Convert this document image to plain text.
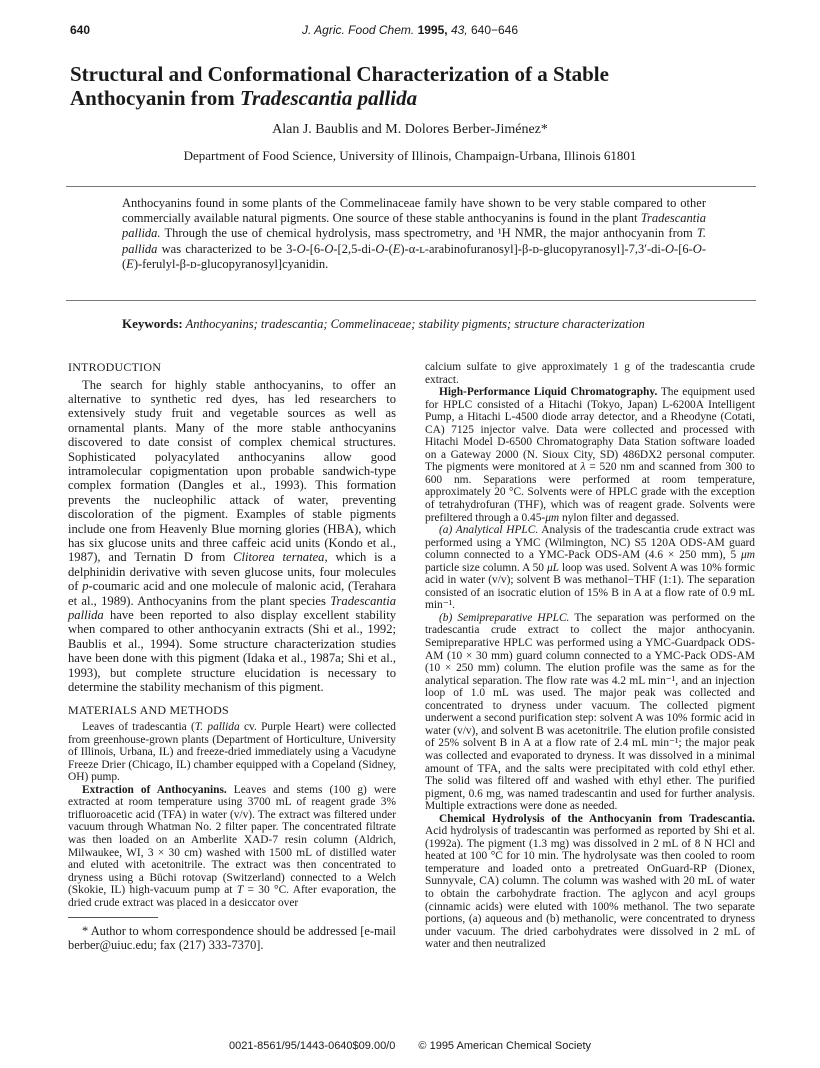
640	J. Agric. Food Chem. 1995, 43, 640−646
Structural and Conformational Characterization of a Stable
Anthocyanin from Tradescantia pallida
Alan J. Baublis and M. Dolores Berber-Jiménez*
Department of Food Science, University of Illinois, Champaign-Urbana, Illinois 61801
Anthocyanins found in some plants of the Commelinaceae family have shown to be very stable compared to other commercially available natural pigments. One source of these stable anthocyanins is found in the plant Tradescantia pallida. Through the use of chemical hydrolysis, mass spectrometry, and ¹H NMR, the major anthocyanin from T. pallida was characterized to be 3-O-[6-O-[2,5-di-O-(E)-α-ʟ-arabinofuranosyl]-β-ᴅ-glucopyranosyl]-7,3′-di-O-[6-O-(E)-ferulyl-β-ᴅ-glucopyranosyl]cyanidin.
Keywords: Anthocyanins; tradescantia; Commelinaceae; stability pigments; structure characterization

INTRODUCTION

The search for highly stable anthocyanins, to offer an alternative to synthetic red dyes, has led researchers to extensively study fruit and vegetable sources as well as ornamental plants. Many of the more stable anthocyanins discovered to date consist of complex chemical structures. Sophisticated polyacylated anthocyanins allow good intramolecular copigmentation upon probable sandwich-type complex formation (Dangles et al., 1993). This formation prevents the nucleophilic attack of water, preventing discoloration of the pigment. Examples of stable pigments include one from Heavenly Blue morning glories (HBA), which has six glucose units and three caffeic acid units (Kondo et al., 1987), and Ternatin D from Clitorea ternatea, which is a delphinidin derivative with seven glucose units, four molecules of p-coumaric acid and one molecule of malonic acid, (Terahara et al., 1989). Anthocyanins from the plant species Tradescantia pallida have been reported to also display excellent stability when compared to other anthocyanin extracts (Shi et al., 1992; Baublis et al., 1994). Some structure characterization studies have been done with this pigment (Idaka et al., 1987a; Shi et al., 1993), but complete structure elucidation is necessary to determine the stability mechanism of this pigment.

MATERIALS AND METHODS

Leaves of tradescantia (T. pallida cv. Purple Heart) were collected from greenhouse-grown plants (Department of Horticulture, University of Illinois, Urbana, IL) and freeze-dried immediately using a Vacudyne Freeze Drier (Chicago, IL) chamber equipped with a Copeland (Sidney, OH) pump.

Extraction of Anthocyanins. Leaves and stems (100 g) were extracted at room temperature using 3700 mL of reagent grade 3% trifluoroacetic acid (TFA) in water (v/v). The extract was filtered under vacuum through Whatman No. 2 filter paper. The concentrated filtrate was then loaded on an Amberlite XAD-7 resin column (Aldrich, Milwaukee, WI, 3 × 30 cm) washed with 1500 mL of distilled water and eluted with acetonitrile. The extract was then concentrated to dryness using a Büchi rotovap (Switzerland) connected to a Welch (Skokie, IL) high-vacuum pump at T = 30 °C. After evaporation, the dried crude extract was placed in a desiccator over

* Author to whom correspondence should be addressed [e-mail berber@uiuc.edu; fax (217) 333-7370].

calcium sulfate to give approximately 1 g of the tradescantia crude extract.

High-Performance Liquid Chromatography. The equipment used for HPLC consisted of a Hitachi (Tokyo, Japan) L-6200A Intelligent Pump, a Hitachi L-4500 diode array detector, and a Rheodyne (Cotati, CA) 7125 injector valve. Data were collected and processed with Hitachi Model D-6500 Chromatography Data Station software loaded on a Gateway 2000 (N. Sioux City, SD) 486DX2 personal computer. The pigments were monitored at λ = 520 nm and scanned from 300 to 600 nm. Separations were performed at room temperature, approximately 20 °C. Solvents were of HPLC grade with the exception of tetrahydrofuran (THF), which was of reagent grade. Solvents were prefiltered through a 0.45-μm nylon filter and degassed.

(a) Analytical HPLC. Analysis of the tradescantia crude extract was performed using a YMC (Wilmington, NC) S5 120A ODS-AM guard column connected to a YMC-Pack ODS-AM (4.6 × 250 mm), 5 μm particle size column. A 50 μL loop was used. Solvent A was 10% formic acid in water (v/v); solvent B was methanol−THF (1:1). The separation consisted of an isocratic elution of 15% B in A at a flow rate of 0.9 mL min⁻¹.

(b) Semipreparative HPLC. The separation was performed on the tradescantia crude extract to collect the major anthocyanin. Semipreparative HPLC was performed using a YMC-Guardpack ODS-AM (10 × 30 mm) guard column connected to a YMC-Pack ODS-AM (10 × 250 mm) column. The elution profile was the same as for the analytical separation. The flow rate was 4.2 mL min⁻¹, and an injection loop of 1.0 mL was used. The major peak was collected and concentrated to dryness under vacuum. The collected pigment underwent a second purification step: solvent A was 10% formic acid in water (v/v), and solvent B was acetonitrile. The elution profile consisted of 25% solvent B in A at a flow rate of 2.4 mL min⁻¹; the major peak was collected and evaporated to dryness. It was dissolved in a minimal amount of TFA, and the salts were precipitated with cold ethyl ether. The solid was filtered off and washed with ethyl ether. The purified pigment, 0.6 mg, was named tradescantin and used for further analysis. Multiple extractions were done as needed.

Chemical Hydrolysis of the Anthocyanin from Tradescantia. Acid hydrolysis of tradescantin was performed as reported by Shi et al. (1992a). The pigment (1.3 mg) was dissolved in 2 mL of 8 N HCl and heated at 100 °C for 10 min. The hydrolysate was then cooled to room temperature and loaded onto a pretreated OnGuard-RP (Dionex, Sunnyvale, CA) column. The column was washed with 20 mL of water to obtain the carbohydrate fraction. The aglycon and acyl groups (cinnamic acids) were eluted with 100% methanol. The two separate portions, (a) aqueous and (b) methanolic, were concentrated to dryness under vacuum. The dried carbohydrates were dissolved in 2 mL of water and then neutralized

0021-8561/95/1443-0640$09.00/0 © 1995 American Chemical Society
